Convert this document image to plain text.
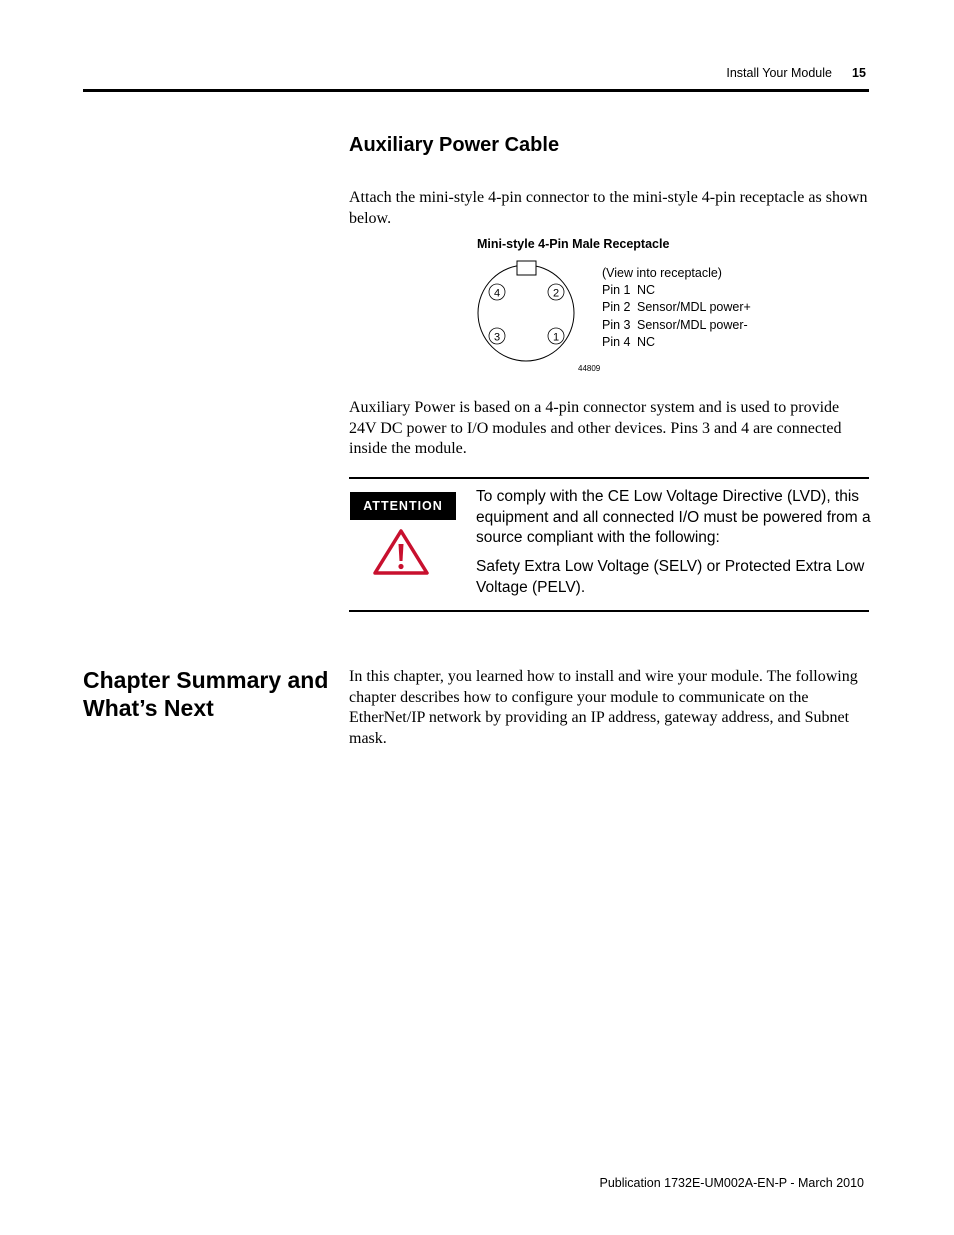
Install Your Module 15
Auxiliary Power Cable
Attach the mini-style 4-pin connector to the mini-style 4-pin receptacle as shown below.
Mini-style 4-Pin Male Receptacle
4	2
3	1
44809
(View into receptacle)
Pin 1 NC
Pin 2 Sensor/MDL power+
Pin 3 Sensor/MDL power-
Pin 4 NC
Auxiliary Power is based on a 4-pin connector system and is used to provide 24V DC power to I/O modules and other devices. Pins 3 and 4 are connected inside the module.
ATTENTION
To comply with the CE Low Voltage Directive (LVD), this equipment and all connected I/O must be powered from a source compliant with the following:
Safety Extra Low Voltage (SELV) or Protected Extra Low Voltage (PELV).
Chapter Summary and What’s Next
In this chapter, you learned how to install and wire your module. The following chapter describes how to configure your module to communicate on the EtherNet/IP network by providing an IP address, gateway address, and Subnet mask.
Publication 1732E-UM002A-EN-P - March 2010
